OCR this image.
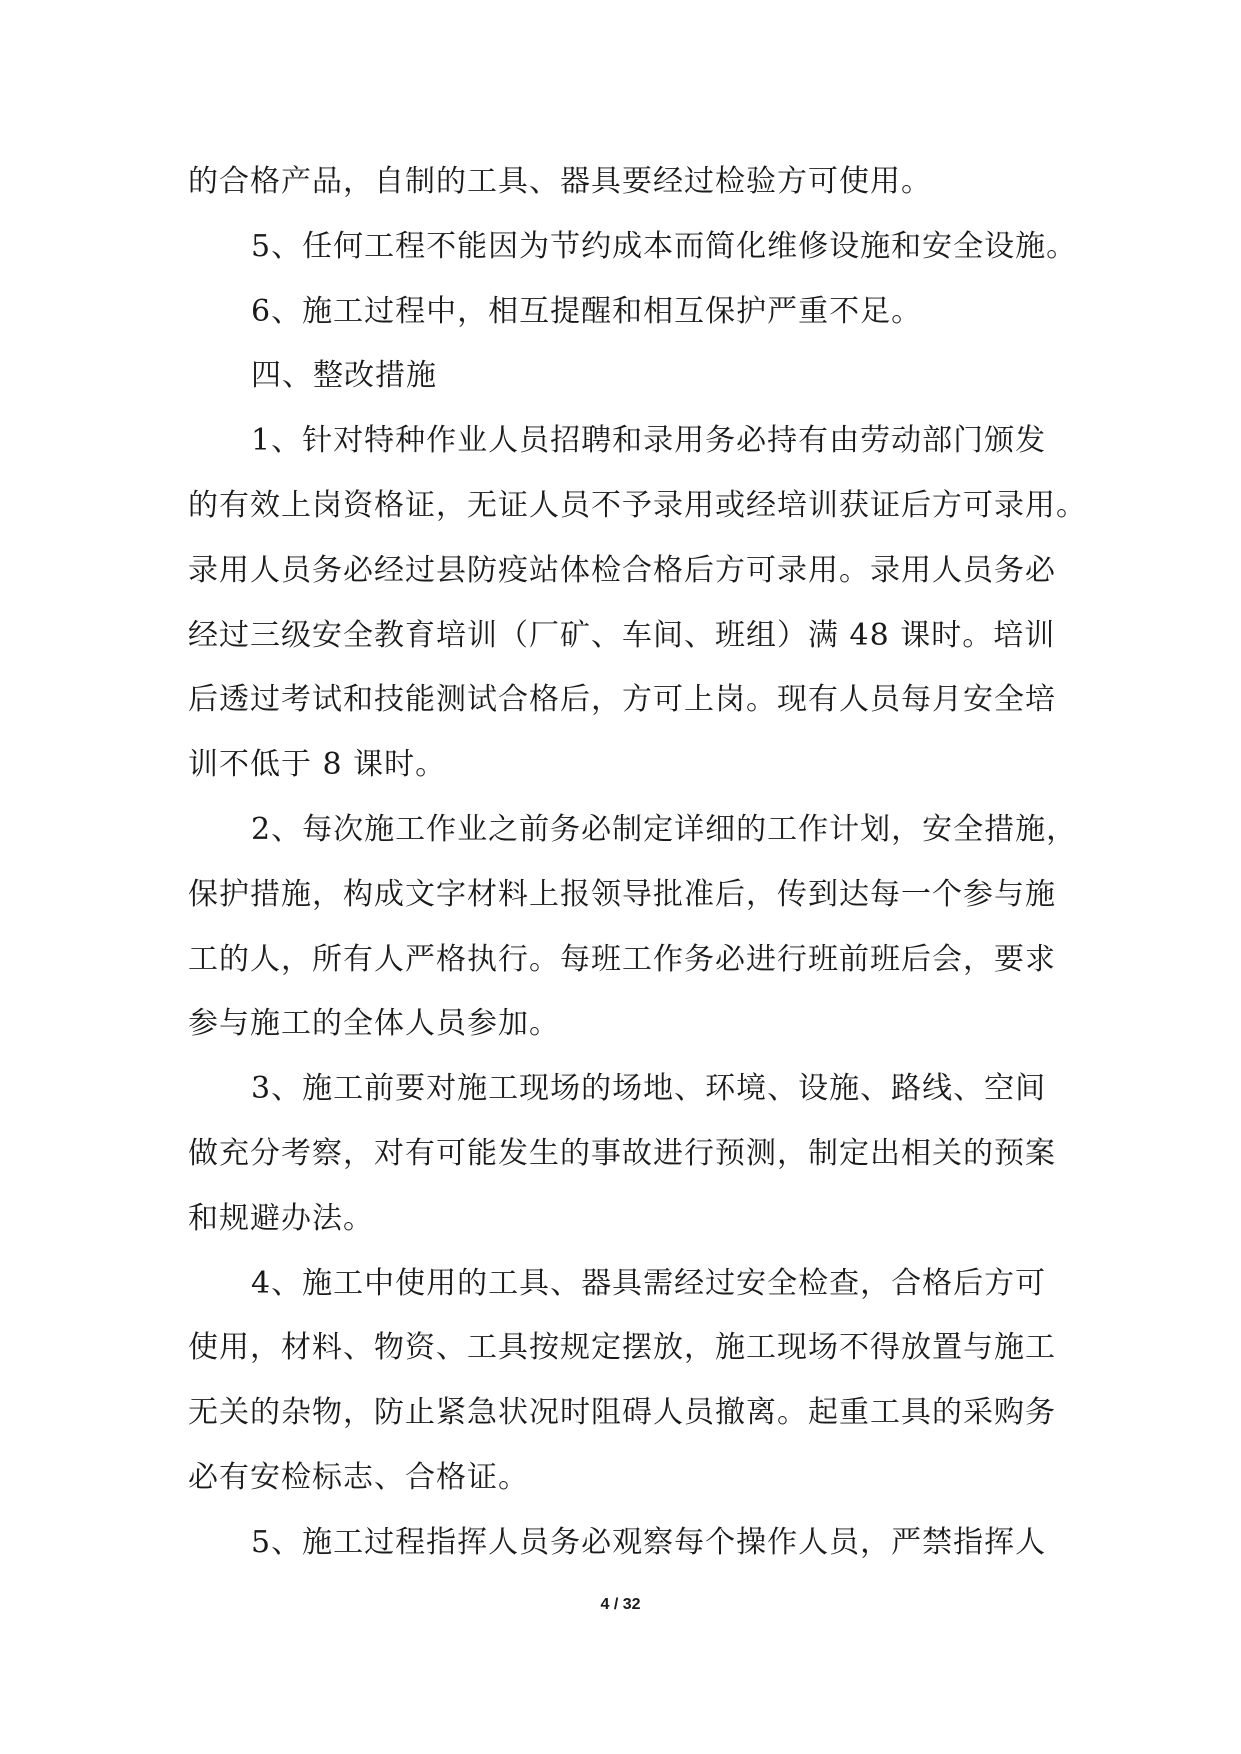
的合格产品，自制的工具、器具要经过检验方可使用。

5、任何工程不能因为节约成本而简化维修设施和安全设施。

6、施工过程中，相互提醒和相互保护严重不足。

四、整改措施

1、针对特种作业人员招聘和录用务必持有由劳动部门颁发

的有效上岗资格证，无证人员不予录用或经培训获证后方可录用。

录用人员务必经过县防疫站体检合格后方可录用。录用人员务必

经过三级安全教育培训（厂矿、车间、班组）满 48 课时。培训

后透过考试和技能测试合格后，方可上岗。现有人员每月安全培

训不低于 8 课时。

2、每次施工作业之前务必制定详细的工作计划，安全措施，

保护措施，构成文字材料上报领导批准后，传到达每一个参与施

工的人，所有人严格执行。每班工作务必进行班前班后会，要求

参与施工的全体人员参加。

3、施工前要对施工现场的场地、环境、设施、路线、空间

做充分考察，对有可能发生的事故进行预测，制定出相关的预案

和规避办法。

4、施工中使用的工具、器具需经过安全检查，合格后方可

使用，材料、物资、工具按规定摆放，施工现场不得放置与施工

无关的杂物，防止紧急状况时阻碍人员撤离。起重工具的采购务

必有安检标志、合格证。

5、施工过程指挥人员务必观察每个操作人员，严禁指挥人

4 / 32
